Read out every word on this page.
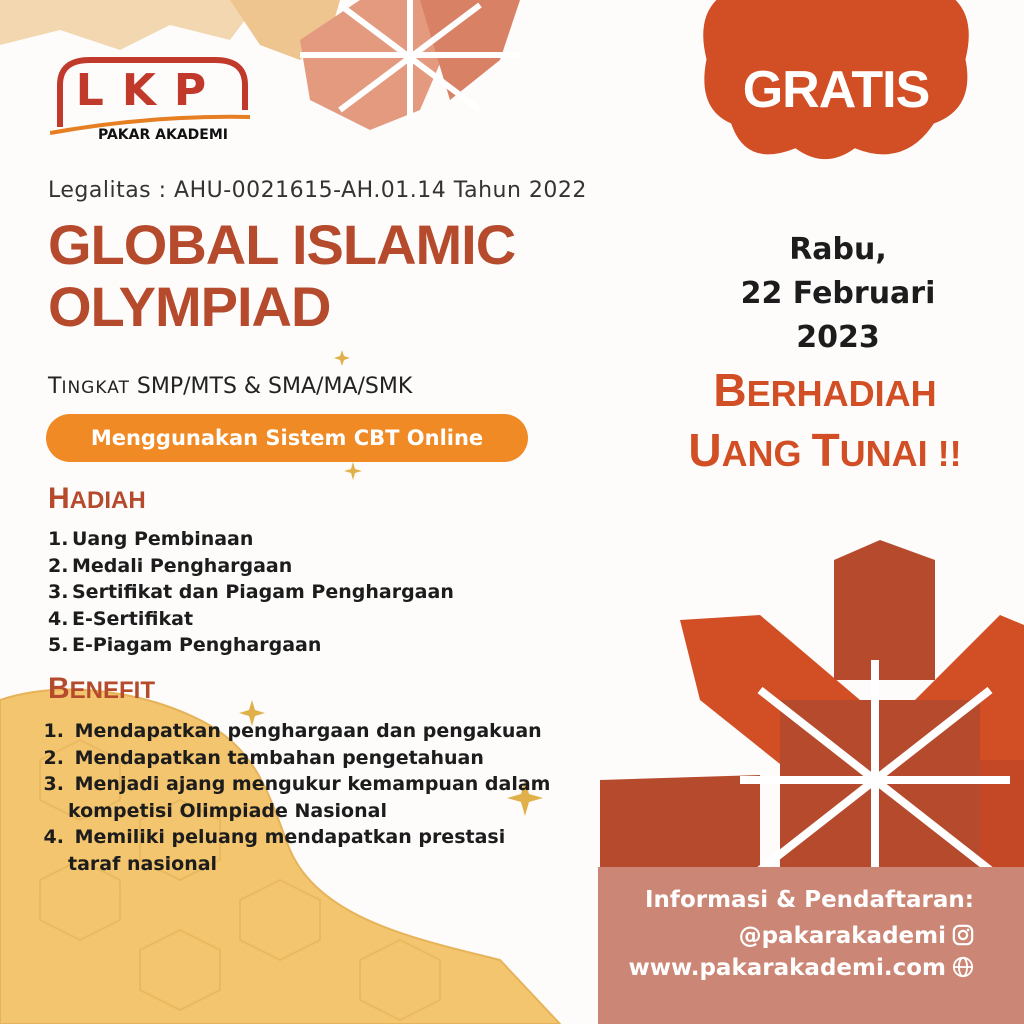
LKP
PAKAR AKADEMI
Legalitas : AHU-0021615-AH.01.14 Tahun 2022
GLOBAL ISLAMIC
OLYMPIAD
TINGKAT SMP/MTS & SMA/MA/SMK
Menggunakan Sistem CBT Online
HADIAH
1. Uang Pembinaan
2. Medali Penghargaan
3. Sertifikat dan Piagam Penghargaan
4. E-Sertifikat
5. E-Piagam Penghargaan
BENEFIT
1. Mendapatkan penghargaan dan pengakuan
2. Mendapatkan tambahan pengetahuan
3. Menjadi ajang mengukur kemampuan dalam kompetisi Olimpiade Nasional
4. Memiliki peluang mendapatkan prestasi taraf nasional
GRATIS
Rabu,
22 Februari
2023
BERHADIAH
UANG TUNAI !!
Informasi & Pendaftaran:
@pakarakademi
www.pakarakademi.com
